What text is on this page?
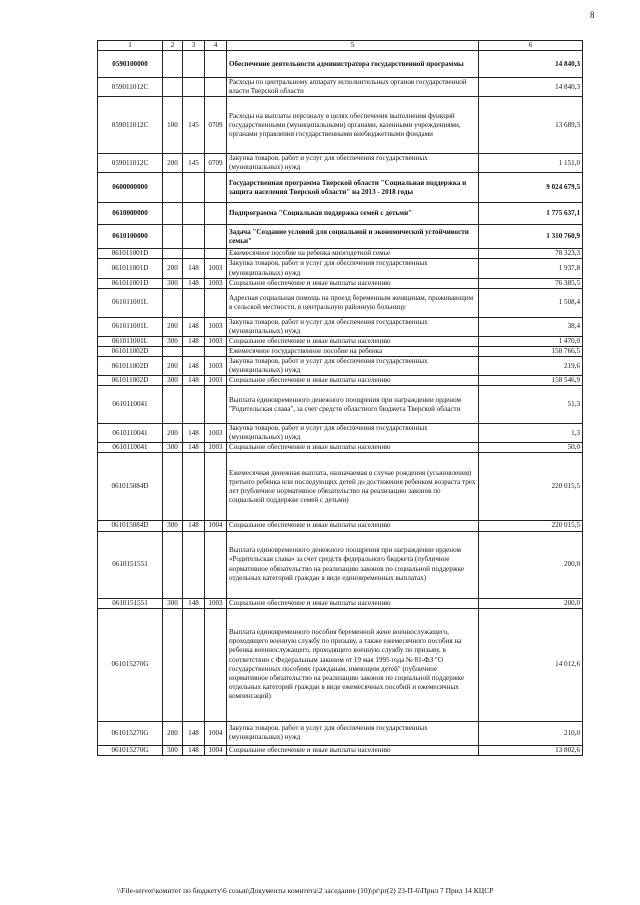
8
1	2	3	4	5	6
0590100000				Обеспечение деятельности администратора государственной программы	14 840,3
059011012C				Расходы по центральному аппарату исполнительных органов государственной власти Тверской области	14 840,3
059011012C	100	145	0709	Расходы на выплаты персоналу в целях обеспечения выполнения функций государственными (муниципальными) органами, казенными учреждениями, органами управления государственными внебюджетными фондами	13 689,3
059011012C	200	145	0709	Закупка товаров, работ и услуг для обеспечения государственных (муниципальных) нужд	1 151,0
0600000000				Государственная программа Тверской области "Социальная поддержка и защита населения Тверской области" на 2013 - 2018 годы	9 024 679,5
0610000000				Подпрограмма "Социальная поддержка семей с детьми"	1 775 637,1
0610100000				Задача "Создание условий для социальной и экономической устойчивости семьи"	1 310 760,9
061011001D				Ежемесячное пособие на ребенка многодетной семье	78 323,3
061011001D	200	148	1003	Закупка товаров, работ и услуг для обеспечения государственных (муниципальных) нужд	1 937,8
061011001D	300	148	1003	Социальное обеспечение и иные выплаты населению	76 385,5
061011001L				Адресная социальная помощь на проезд беременным женщинам, проживающим в сельской местности, в центральную районную больницу	1 508,4
061011001L	200	148	1003	Закупка товаров, работ и услуг для обеспечения государственных (муниципальных) нужд	38,4
061011001L	300	148	1003	Социальное обеспечение и иные выплаты населению	1 470,0
061011002D				Ежемесячное государственное пособие на ребенка	158 766,5
061011002D	200	148	1003	Закупка товаров, работ и услуг для обеспечения государственных (муниципальных) нужд	219,6
061011002D	300	148	1003	Социальное обеспечение и иные выплаты населению	158 546,9
0610110041				Выплата единовременного денежного поощрения при награждении орденом "Родительская слава", за счет средств областного бюджета Тверской области	51,3
0610110041	200	148	1003	Закупка товаров, работ и услуг для обеспечения государственных (муниципальных) нужд	1,3
0610110041	300	148	1003	Социальное обеспечение и иные выплаты населению	50,0
061015084D				Ежемесячная денежная выплата, назначаемая в случае рождения (усыновления) третьего ребенка или последующих детей до достижения ребенком возраста трех лет (публичное нормативное обязательство на реализацию законов по социальной поддержке семей с детьми)	220 015,5
061015084D	300	148	1004	Социальное обеспечение и иные выплаты населению	220 015,5
0610151551				Выплата единовременного денежного поощрения при награждении орденом «Родительская слава» за счет средств федерального бюджета (публичное нормативное обязательство на реализацию законов по социальной поддержке отдельных категорий граждан в виде единовременных выплатах)	200,0
0610151551	300	148	1003	Социальное обеспечение и иные выплаты населению	200,0
061015270G				Выплата единовременного пособия беременной жене военнослужащего, проходящего военную службу по призыву, а также ежемесячного пособия на ребенка военнослужащего, проходящего военную службу по призыву, в соответствии с Федеральным законом от 19 мая 1995 года № 81-ФЗ "О государственных пособиях гражданам, имеющим детей" (публичное нормативное обязательство на реализацию законов по социальной поддержке отдельных категорий граждан в виде ежемесячных пособий и ежемесячных компенсаций)	14 012,6
061015270G	200	148	1004	Закупка товаров, работ и услуг для обеспечения государственных (муниципальных) нужд	210,0
061015270G	300	148	1004	Социальное обеспечение и иные выплаты населению	13 802,6
\\File-server\комитет по бюджету\6 созыв\Документы комитета\2 заседание (10)\pr\pr(2) 23-П-6\Прил 7 Прил 14 КЦСР
